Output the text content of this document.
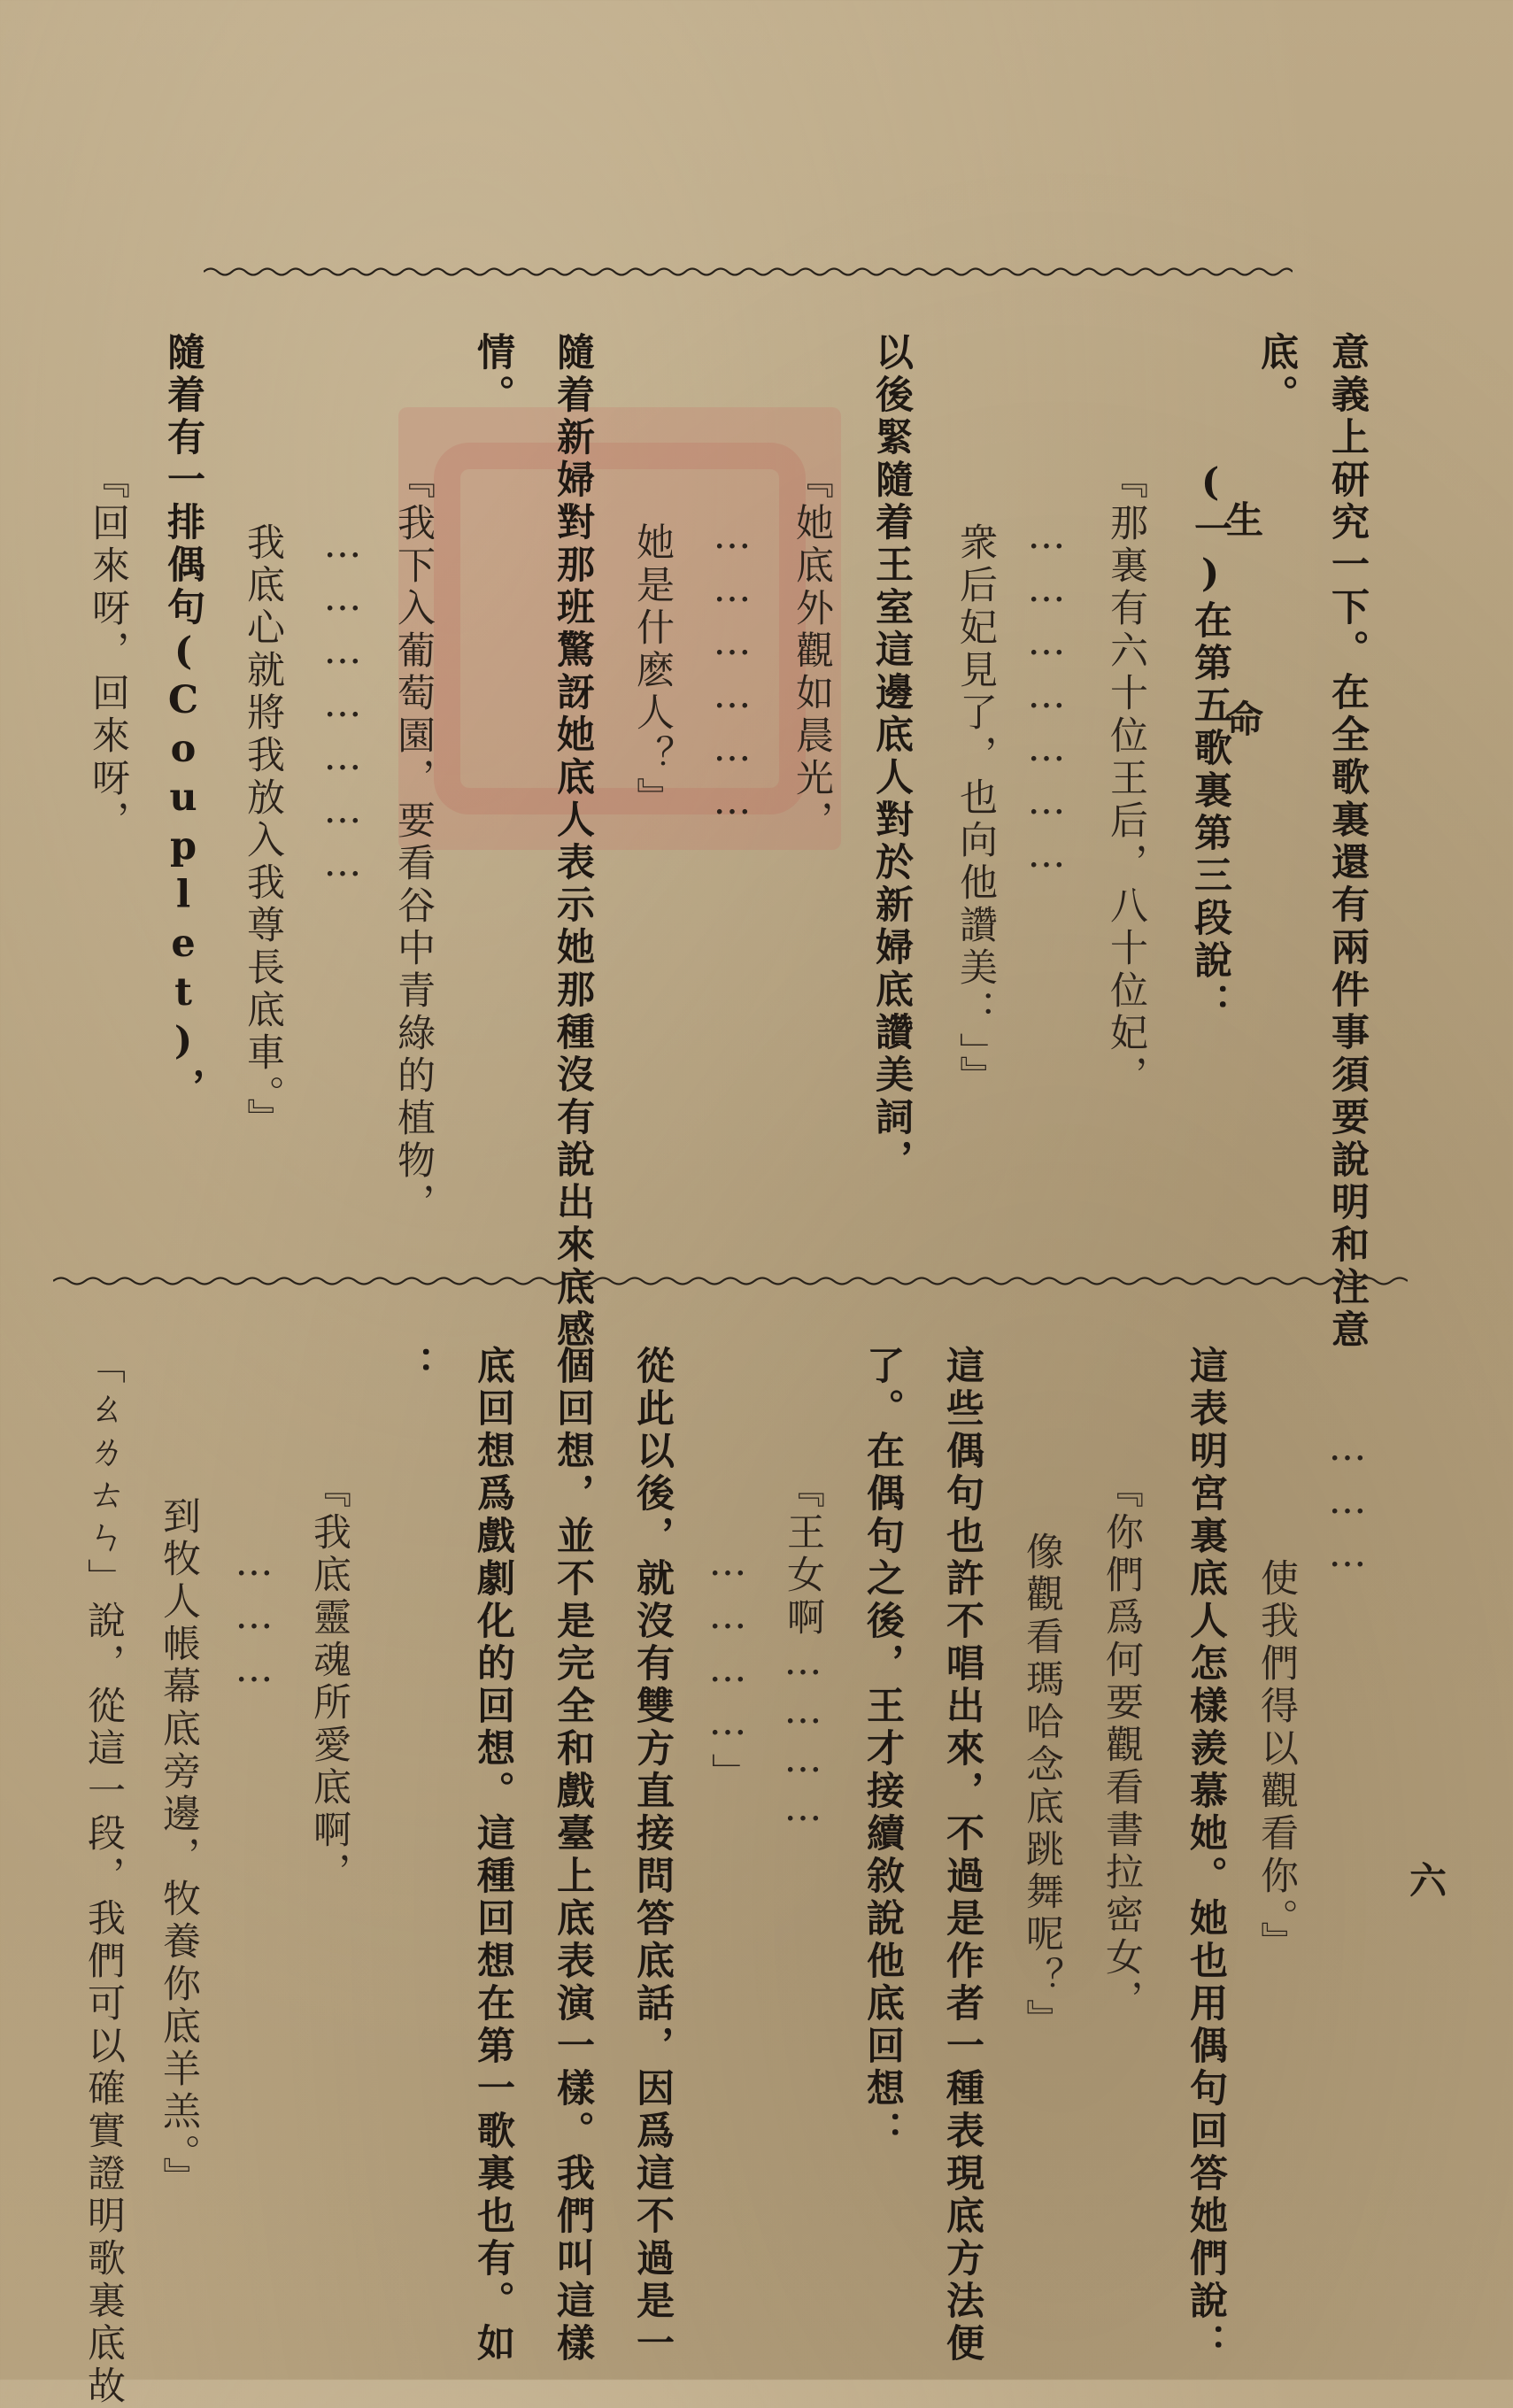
生
命
六
意義上研究一下。在全歌裏還有兩件事須要說明和注意
底。
(一)在第五歌裏第三段說：
『那裏有六十位王后，八十位妃，
…………………
衆后妃見了，也向他讚美：」』
以後緊隨着王室這邊底人對於新婦底讚美詞，
『她底外觀如晨光，
………………
她是什麽人？』
隨着新婦對那班驚訝她底人表示她那種沒有說出來底感
情。
『我下入葡萄園，要看谷中青綠的植物，
…………………
我底心就將我放入我尊長底車。』
隨着有一排偶句(Couplet)，
『回來呀，回來呀，
………
使我們得以觀看你。』
這表明宮裏底人怎樣羨慕她。她也用偶句回答她們說：
『你們爲何要觀看書拉密女，
像觀看瑪哈念底跳舞呢？』
這些偶句也許不唱出來，不過是作者一種表現底方法便
了。在偶句之後，王才接續敘說他底回想：
『王女啊…………
…………」
從此以後，就沒有雙方直接問答底話，因爲這不過是一
個回想，並不是完全和戲臺上底表演一樣。我們叫這樣
底回想爲戲劇化的回想。這種回想在第一歌裏也有。如
：
『我底靈魂所愛底啊，
………
到牧人帳幕底旁邊，牧養你底羊羔。』
「ㄠㄌㄊㄣ」說，從這一段，我們可以確實證明歌裏底故
